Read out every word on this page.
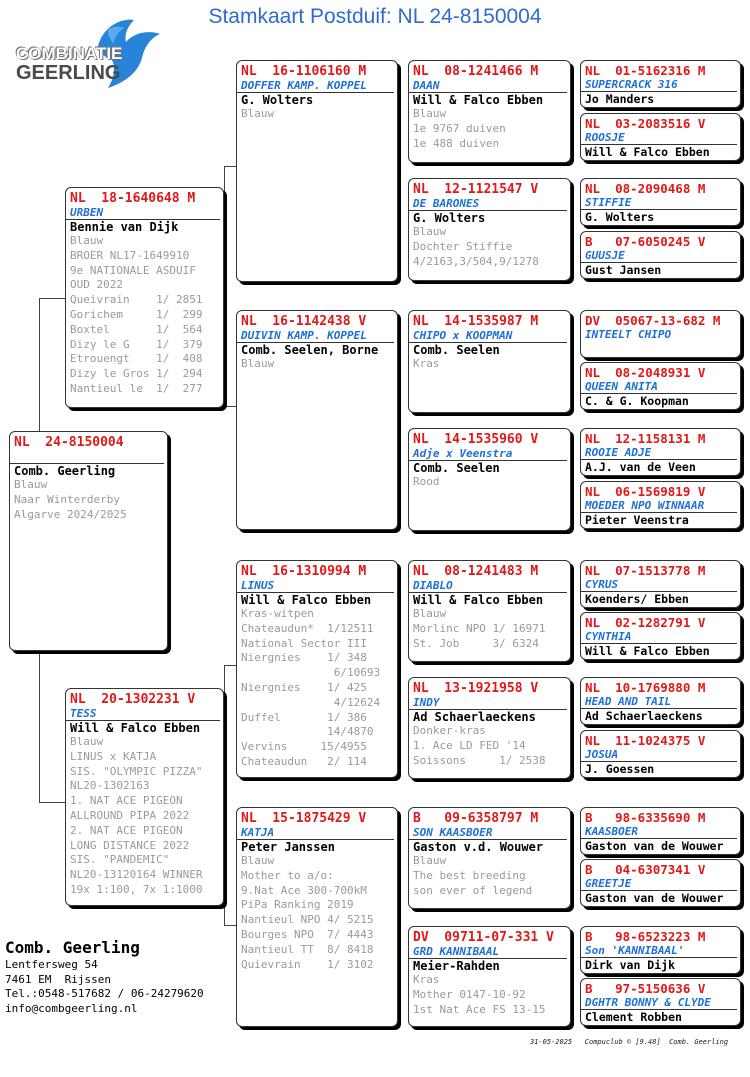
Stamkaart Postduif: NL 24-8150004
COMBINATIE
GEERLING
NL  24-8150004
Comb. Geerling
Blauw
Naar Winterderby
Algarve 2024/2025
NL  18-1640648 M
URBEN
Bennie van Dijk
Blauw
BROER NL17-1649910
9e NATIONALE ASDUIF
OUD 2022
Queivrain    1/ 2851
Gorichem     1/  299
Boxtel       1/  564
Dizy le G    1/  379
Etrouengt    1/  408
Dizy le Gros 1/  294
Nantieul le  1/  277
NL  20-1302231 V
TESS
Will & Falco Ebben
Blauw
LINUS x KATJA
SIS. "OLYMPIC PIZZA"
NL20-1302163
1. NAT ACE PIGEON
ALLROUND PIPA 2022
2. NAT ACE PIGEON
LONG DISTANCE 2022
SIS. "PANDEMIC"
NL20-13120164 WINNER
19x 1:100, 7x 1:1000
NL  16-1106160 M
DOFFER KAMP. KOPPEL
G. Wolters
Blauw
NL  16-1142438 V
DUIVIN KAMP. KOPPEL
Comb. Seelen, Borne
Blauw
NL  16-1310994 M
LINUS
Will & Falco Ebben
Kras-witpen
Chateaudun*  1/12511
National Sector III
Niergnies    1/ 348
6/10693
Niergnies    1/ 425
4/12624
Duffel       1/ 386
14/4870
Vervins     15/4955
Chateaudun   2/ 114
NL  15-1875429 V
KATJA
Peter Janssen
Blauw
Mother to a/o:
9.Nat Ace 300-700kM
PiPa Ranking 2019
Nantieul NPO 4/ 5215
Bourges NPO  7/ 4443
Nantieul TT  8/ 8418
Quievrain    1/ 3102
NL  08-1241466 M
DAAN
Will & Falco Ebben
Blauw
1e 9767 duiven
1e 488 duiven
NL  12-1121547 V
DE BARONES
G. Wolters
Blauw
Dochter Stiffie
4/2163,3/504,9/1278
NL  14-1535987 M
CHIPO x KOOPMAN
Comb. Seelen
Kras
NL  14-1535960 V
Adje x Veenstra
Comb. Seelen
Rood
NL  08-1241483 M
DIABLO
Will & Falco Ebben
Blauw
Morlinc NPO 1/ 16971
St. Job     3/ 6324
NL  13-1921958 V
INDY
Ad Schaerlaeckens
Donker-kras
1. Ace LD FED '14
Soissons     1/ 2538
B   09-6358797 M
SON KAASBOER
Gaston v.d. Wouwer
Blauw
The best breeding
son ever of legend
DV  09711-07-331 V
GRD KANNIBAAL
Meier-Rahden
Kras
Mother 0147-10-92
1st Nat Ace FS 13-15
NL  01-5162316 M
SUPERCRACK 316
Jo Manders
NL  03-2083516 V
ROOSJE
Will & Falco Ebben
NL  08-2090468 M
STIFFIE
G. Wolters
B   07-6050245 V
GUUSJE
Gust Jansen
DV  05067-13-682 M
INTEELT CHIPO
NL  08-2048931 V
QUEEN ANITA
C. & G. Koopman
NL  12-1158131 M
ROOIE ADJE
A.J. van de Veen
NL  06-1569819 V
MOEDER NPO WINNAAR
Pieter Veenstra
NL  07-1513778 M
CYRUS
Koenders/ Ebben
NL  02-1282791 V
CYNTHIA
Will & Falco Ebben
NL  10-1769880 M
HEAD AND TAIL
Ad Schaerlaeckens
NL  11-1024375 V
JOSUA
J. Goessen
B   98-6335690 M
KAASBOER
Gaston van de Wouwer
B   04-6307341 V
GREETJE
Gaston van de Wouwer
B   98-6523223 M
Son 'KANNIBAAL'
Dirk van Dijk
B   97-5150636 V
DGHTR BONNY & CLYDE
Clement Robben
Comb. Geerling
Lentfersweg 54
7461 EM  Rijssen
Tel.:0548-517682 / 06-24279620
info@combgeerling.nl
31-05-2025   Compuclub © [9.48]  Comb. Geerling
